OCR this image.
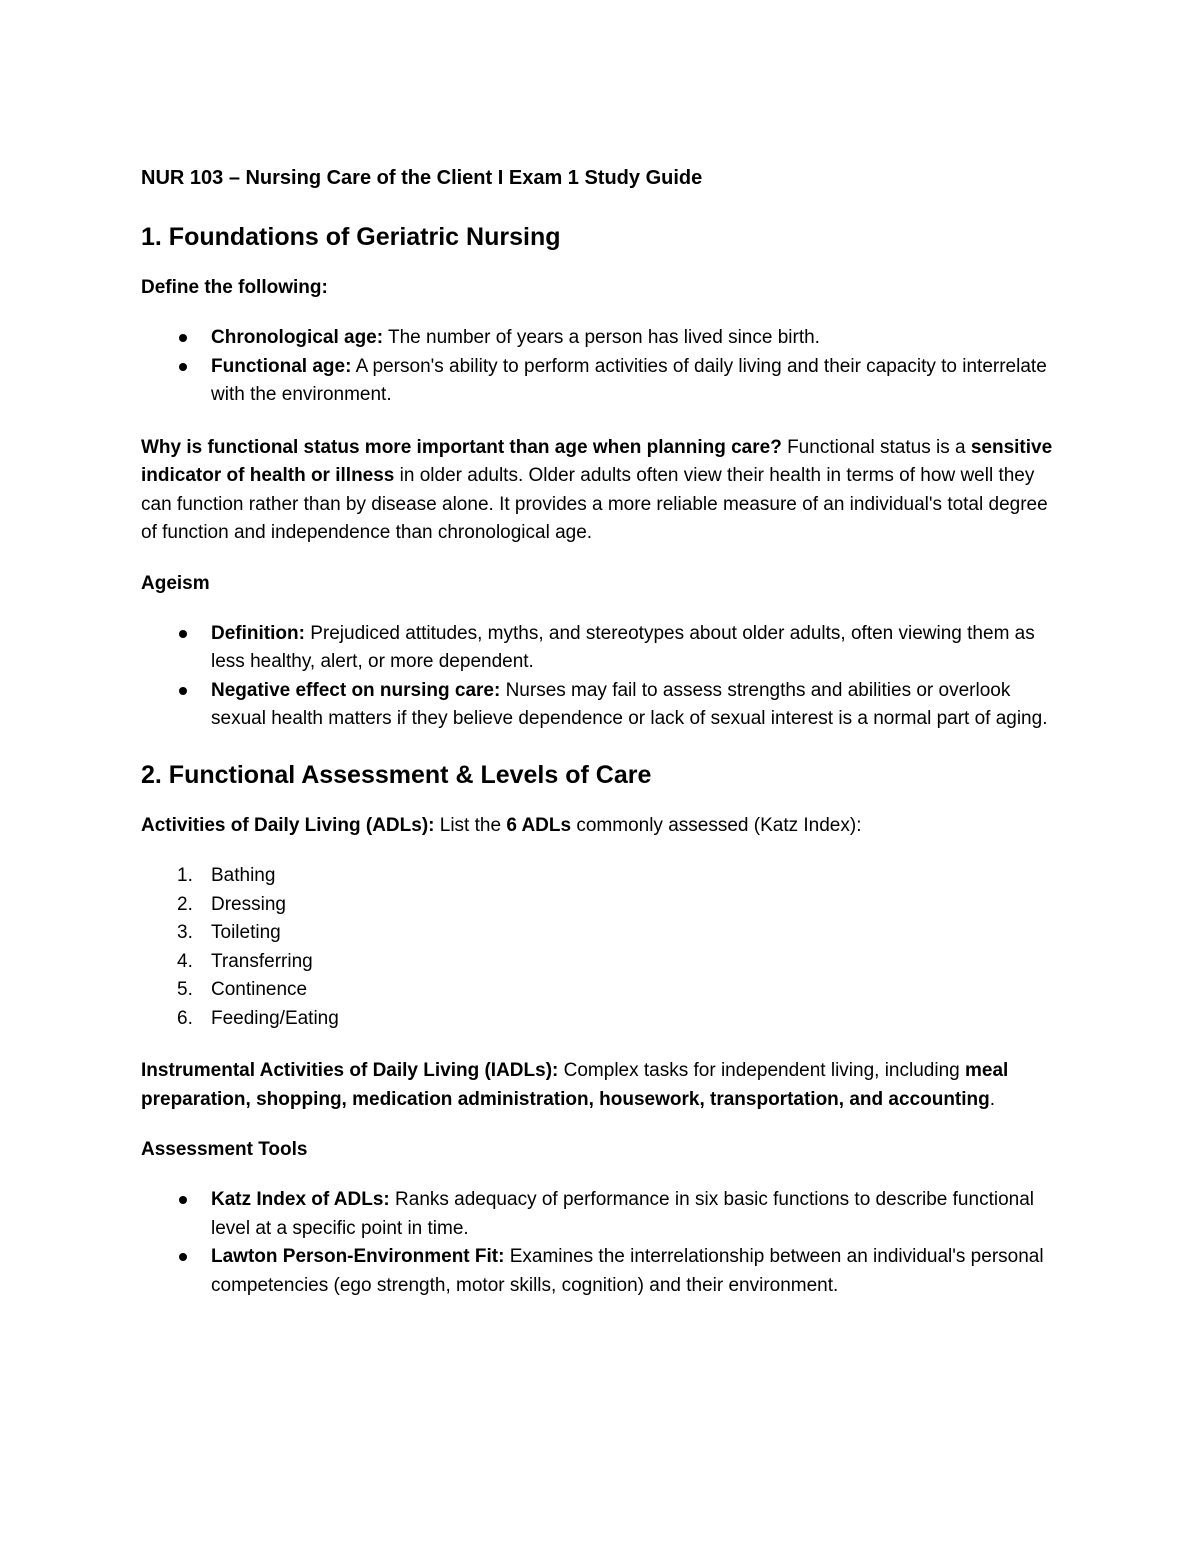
NUR 103 – Nursing Care of the Client I Exam 1 Study Guide
1. Foundations of Geriatric Nursing
Define the following:
Chronological age: The number of years a person has lived since birth.
Functional age: A person's ability to perform activities of daily living and their capacity to interrelate with the environment.
Why is functional status more important than age when planning care? Functional status is a sensitive indicator of health or illness in older adults. Older adults often view their health in terms of how well they can function rather than by disease alone. It provides a more reliable measure of an individual's total degree of function and independence than chronological age.
Ageism
Definition: Prejudiced attitudes, myths, and stereotypes about older adults, often viewing them as less healthy, alert, or more dependent.
Negative effect on nursing care: Nurses may fail to assess strengths and abilities or overlook sexual health matters if they believe dependence or lack of sexual interest is a normal part of aging.
2. Functional Assessment & Levels of Care
Activities of Daily Living (ADLs): List the 6 ADLs commonly assessed (Katz Index):
1. Bathing
2. Dressing
3. Toileting
4. Transferring
5. Continence
6. Feeding/Eating
Instrumental Activities of Daily Living (IADLs): Complex tasks for independent living, including meal preparation, shopping, medication administration, housework, transportation, and accounting.
Assessment Tools
Katz Index of ADLs: Ranks adequacy of performance in six basic functions to describe functional level at a specific point in time.
Lawton Person-Environment Fit: Examines the interrelationship between an individual's personal competencies (ego strength, motor skills, cognition) and their environment.
